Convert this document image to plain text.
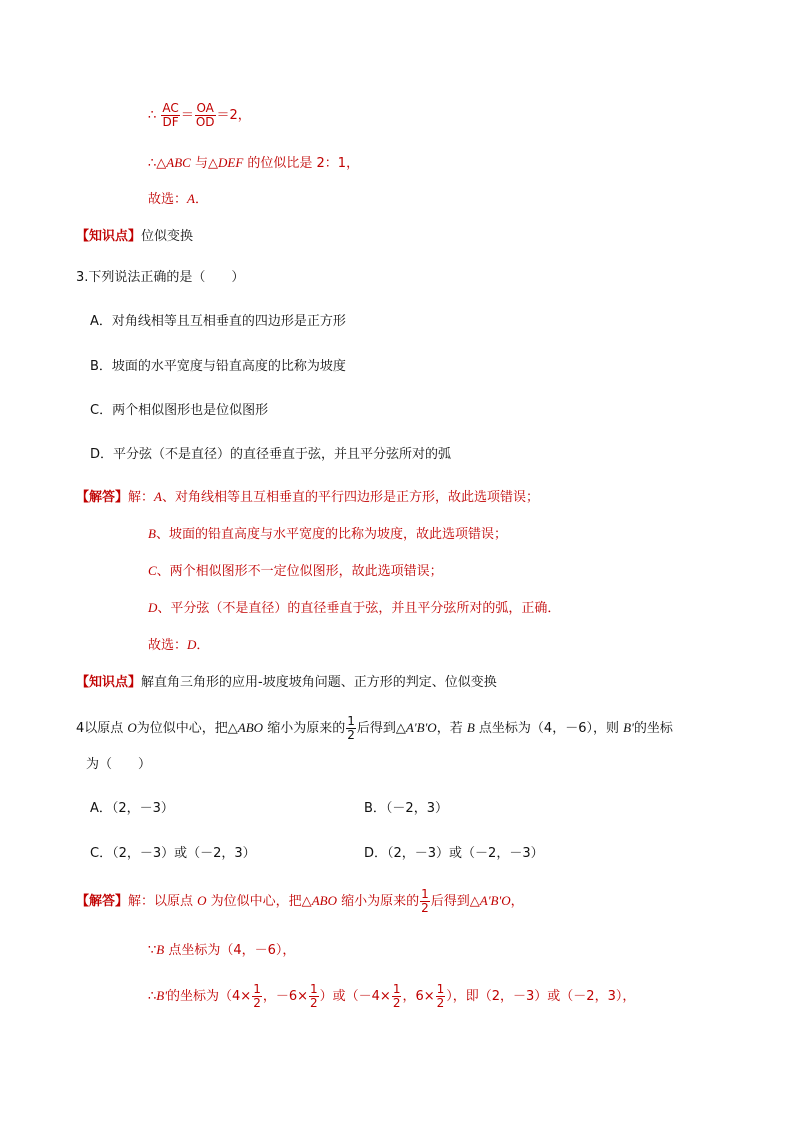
∴ $\frac{AC}{DF} = \frac{OA}{OD} =2$，
∴△ABC 与△DEF 的位似比是 2：1，
故选：A．
【知识点】位似变换
3.下列说法正确的是（　　）
A．对角线相等且互相垂直的四边形是正方形
B．坡面的水平宽度与铅直高度的比称为坡度
C．两个相似图形也是位似图形
D．平分弦（不是直径）的直径垂直于弦，并且平分弦所对的弧
【解答】解：A、对角线相等且互相垂直的平行四边形是正方形，故此选项错误；
B、坡面的铅直高度与水平宽度的比称为坡度，故此选项错误；
C、两个相似图形不一定位似图形，故此选项错误；
D、平分弦（不是直径）的直径垂直于弦，并且平分弦所对的弧，正确．
故选：D．
【知识点】解直角三角形的应用-坡度坡角问题、正方形的判定、位似变换
4以原点 O为位似中心，把△ABO 缩小为原来的 $\frac{1}{2}$ 后得到△A'B'O，若 B 点坐标为（4，－6），则 B'的坐标
为（　　）
A．（2，－3）	B．（－2，3）
C．（2，－3）或（－2，3）	D．（2，－3）或（－2，－3）
【解答】解：以原点 O 为位似中心，把△ABO 缩小为原来的 $\frac{1}{2}$ 后得到△A'B'O，
∵B 点坐标为（4，－6），
∴B'的坐标为（$4\times \frac{1}{2}$ ，$-6\times \frac{1}{2}$ ）或（$-4\times \frac{1}{2}$ ，$6\times \frac{1}{2}$ ），即（2，－3）或（－2，3），
